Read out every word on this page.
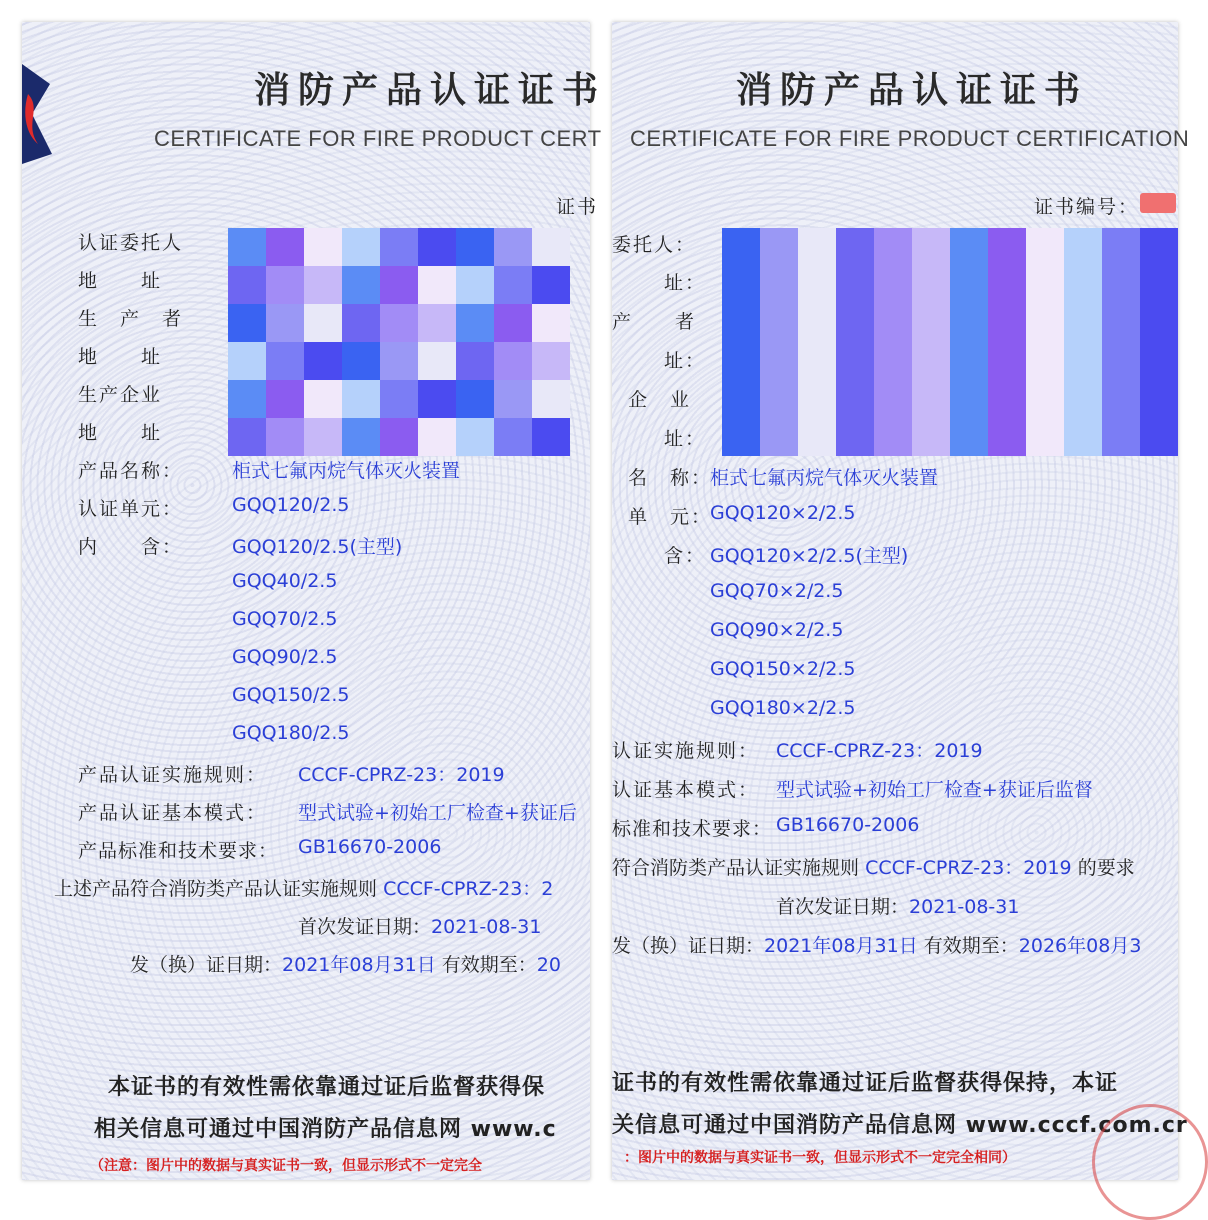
消防产品认证证书
CERTIFICATE FOR FIRE PRODUCT CERT
证书
认证委托人
地　　址
生　产　者
地　　址
生产企业
地　　址
产品名称：	柜式七氟丙烷气体灭火装置
认证单元：	GQQ120/2.5
内　　含：	GQQ120/2.5(主型)
GQQ40/2.5
GQQ70/2.5
GQQ90/2.5
GQQ150/2.5
GQQ180/2.5
产品认证实施规则： CCCF-CPRZ-23：2019
产品认证基本模式： 型式试验+初始工厂检查+获证后
产品标准和技术要求： GB16670-2006
上述产品符合消防类产品认证实施规则 CCCF-CPRZ-23：2
首次发证日期：2021-08-31
发（换）证日期：2021年08月31日 有效期至：20
本证书的有效性需依靠通过证后监督获得保
相关信息可通过中国消防产品信息网 www.c
（注意：图片中的数据与真实证书一致，但显示形式不一定完全
消防产品认证证书
CERTIFICATE FOR FIRE PRODUCT CERTIFICATION
证书编号：
委托人：
址：
产　　者
址：
企　业
址：
名　称：
柜式七氟丙烷气体灭火装置
单　元：
GQQ120×2/2.5
含： GQQ120×2/2.5(主型)
GQQ70×2/2.5
GQQ90×2/2.5
GQQ150×2/2.5
GQQ180×2/2.5
认证实施规则： CCCF-CPRZ-23：2019
认证基本模式： 型式试验+初始工厂检查+获证后监督
标准和技术要求： GB16670-2006
符合消防类产品认证实施规则 CCCF-CPRZ-23：2019 的要求
首次发证日期：2021-08-31
发（换）证日期：2021年08月31日 有效期至：2026年08月3
证书的有效性需依靠通过证后监督获得保持，本证
关信息可通过中国消防产品信息网 www.cccf.com.cr
：图片中的数据与真实证书一致，但显示形式不一定完全相同）
